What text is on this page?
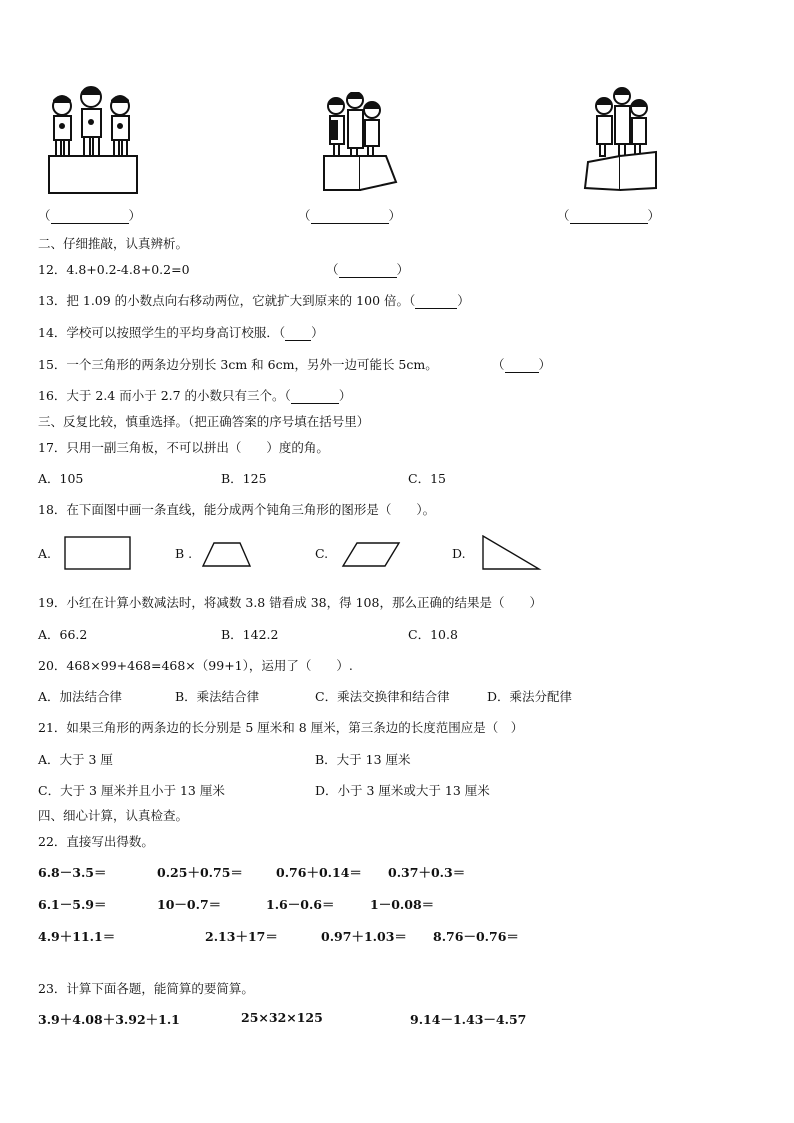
（	）	（	）	（	）
二、仔细推敲，认真辨析。
12．4.8+0.2-4.8+0.2=0	（	）
13．把 1.09 的小数点向右移动两位，它就扩大到原来的 100 倍。（	）
14．学校可以按照学生的平均身高订校服．（ ）
15．一个三角形的两条边分别长 3cm 和 6cm，另外一边可能长 5cm。	（	）
16．大于 2.4 而小于 2.7 的小数只有三个。（	）
三、反复比较，慎重选择。（把正确答案的序号填在括号里）
17．只用一副三角板，不可以拼出（　　）度的角。
A．105	B．125	C．15
18．在下面图中画一条直线，能分成两个钝角三角形的图形是（　　）。
A.	B .	C.	D.
19．小红在计算小数减法时，将减数 3.8 错看成 38，得 108，那么正确的结果是（　　）
A．66.2	B．142.2	C．10.8
20．468×99+468=468×（99+1），运用了（　　）.
A．加法结合律	B．乘法结合律	C．乘法交换律和结合律	D．乘法分配律
21．如果三角形的两条边的长分别是 5 厘米和 8 厘米，第三条边的长度范围应是（　）
A．大于 3 厘	B．大于 13 厘米
C．大于 3 厘米并且小于 13 厘米	D．小于 3 厘米或大于 13 厘米
四、细心计算，认真检查。
22．直接写出得数。
6.8－3.5＝	0.25＋0.75＝	0.76＋0.14＝ 0.37＋0.3＝
6.1－5.9＝	10－0.7＝	1.6－0.6＝	1－0.08＝
4.9＋11.1＝	2.13＋17＝	0.97＋1.03＝ 8.76－0.76＝
23．计算下面各题，能简算的要简算。
3.9＋4.08＋3.92＋1.1	25×32×125	9.14－1.43－4.57
